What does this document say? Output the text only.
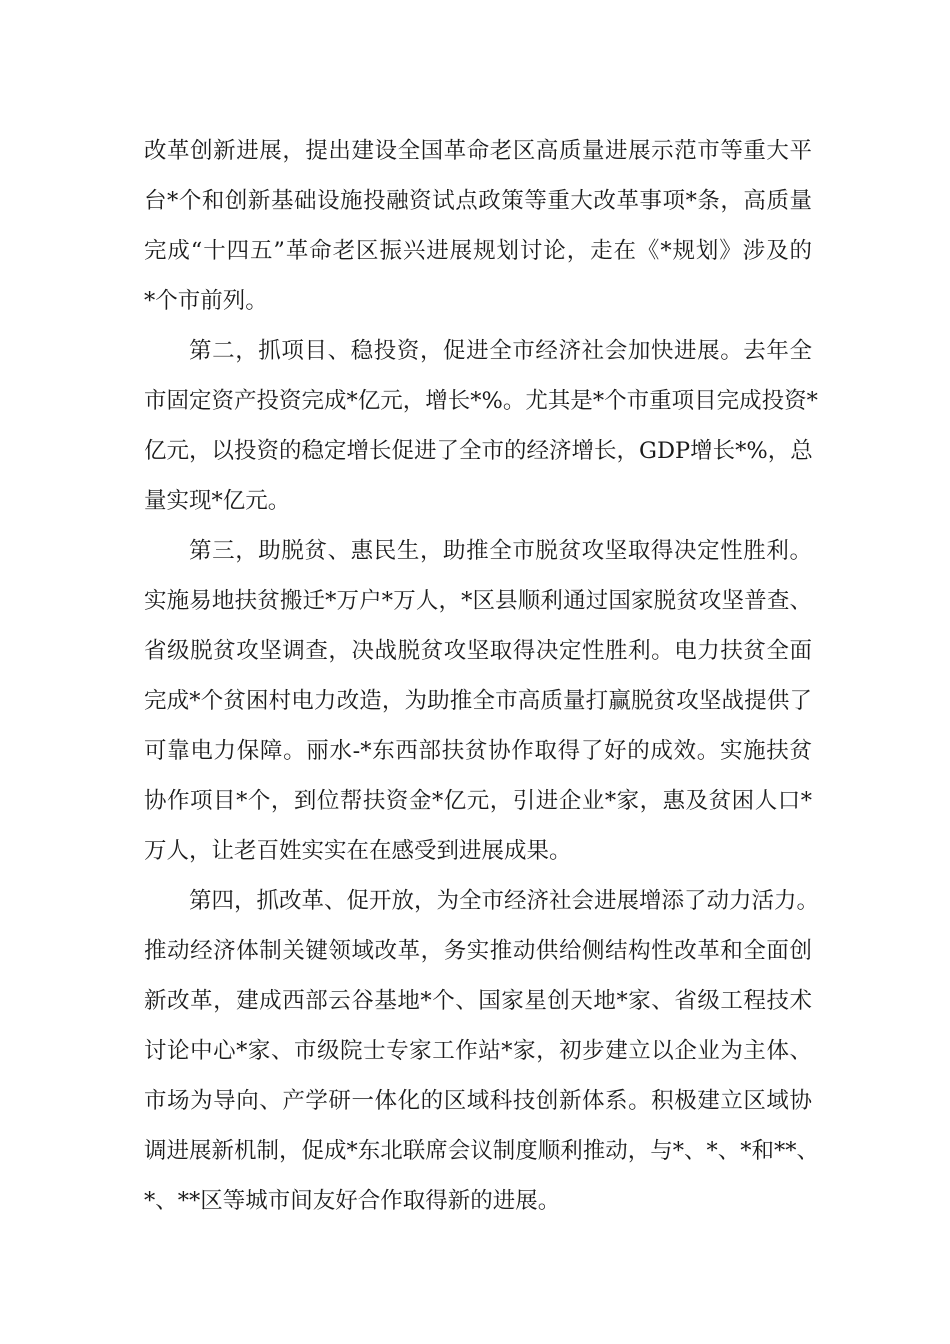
改革创新进展，提出建设全国革命老区高质量进展示范市等重大平
台*个和创新基础设施投融资试点政策等重大改革事项*条，高质量
完成“十四五”革命老区振兴进展规划讨论，走在《*规划》涉及的
*个市前列。
第二，抓项目、稳投资，促进全市经济社会加快进展。去年全
市固定资产投资完成*亿元，增长*%。尤其是*个市重项目完成投资*
亿元，以投资的稳定增长促进了全市的经济增长，GDP增长*%，总
量实现*亿元。
第三，助脱贫、惠民生，助推全市脱贫攻坚取得决定性胜利。
实施易地扶贫搬迁*万户*万人，*区县顺利通过国家脱贫攻坚普查、
省级脱贫攻坚调查，决战脱贫攻坚取得决定性胜利。电力扶贫全面
完成*个贫困村电力改造，为助推全市高质量打赢脱贫攻坚战提供了
可靠电力保障。丽水-*东西部扶贫协作取得了好的成效。实施扶贫
协作项目*个，到位帮扶资金*亿元，引进企业*家，惠及贫困人口*
万人，让老百姓实实在在感受到进展成果。
第四，抓改革、促开放，为全市经济社会进展增添了动力活力。
推动经济体制关键领域改革，务实推动供给侧结构性改革和全面创
新改革，建成西部云谷基地*个、国家星创天地*家、省级工程技术
讨论中心*家、市级院士专家工作站*家，初步建立以企业为主体、
市场为导向、产学研一体化的区域科技创新体系。积极建立区域协
调进展新机制，促成*东北联席会议制度顺利推动，与*、*、*和**、
*、**区等城市间友好合作取得新的进展。
